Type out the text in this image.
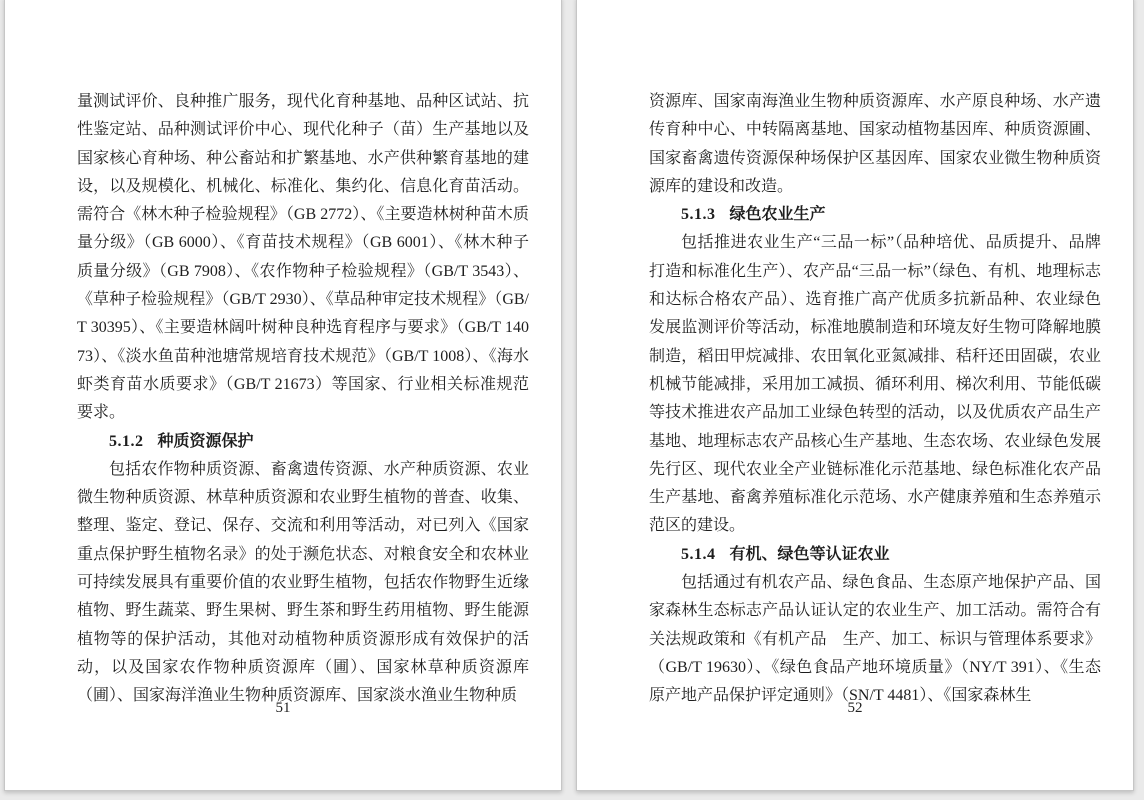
量测试评价、良种推广服务，现代化育种基地、品种区试站、抗性鉴定站、品种测试评价中心、现代化种子（苗）生产基地以及国家核心育种场、种公畜站和扩繁基地、水产供种繁育基地的建设，以及规模化、机械化、标准化、集约化、信息化育苗活动。需符合《林木种子检验规程》（GB 2772）、《主要造林树种苗木质量分级》（GB 6000）、《育苗技术规程》（GB 6001）、《林木种子质量分级》（GB 7908）、《农作物种子检验规程》（GB/T 3543）、《草种子检验规程》（GB/T 2930）、《草品种审定技术规程》（GB/T 30395）、《主要造林阔叶树种良种选育程序与要求》（GB/T 14073）、《淡水鱼苗种池塘常规培育技术规范》（GB/T 1008）、《海水虾类育苗水质要求》（GB/T 21673）等国家、行业相关标准规范要求。

5.1.2 种质资源保护

包括农作物种质资源、畜禽遗传资源、水产种质资源、农业微生物种质资源、林草种质资源和农业野生植物的普查、收集、整理、鉴定、登记、保存、交流和利用等活动，对已列入《国家重点保护野生植物名录》的处于濒危状态、对粮食安全和农林业可持续发展具有重要价值的农业野生植物，包括农作物野生近缘植物、野生蔬菜、野生果树、野生茶和野生药用植物、野生能源植物等的保护活动，其他对动植物种质资源形成有效保护的活动，以及国家农作物种质资源库（圃）、国家林草种质资源库（圃）、国家海洋渔业生物种质资源库、国家淡水渔业生物种质

51

资源库、国家南海渔业生物种质资源库、水产原良种场、水产遗传育种中心、中转隔离基地、国家动植物基因库、种质资源圃、国家畜禽遗传资源保种场保护区基因库、国家农业微生物种质资源库的建设和改造。

5.1.3 绿色农业生产

包括推进农业生产“三品一标”（品种培优、品质提升、品牌打造和标准化生产）、农产品“三品一标”（绿色、有机、地理标志和达标合格农产品）、选育推广高产优质多抗新品种、农业绿色发展监测评价等活动，标准地膜制造和环境友好生物可降解地膜制造，稻田甲烷减排、农田氧化亚氮减排、秸秆还田固碳，农业机械节能减排，采用加工减损、循环利用、梯次利用、节能低碳等技术推进农产品加工业绿色转型的活动，以及优质农产品生产基地、地理标志农产品核心生产基地、生态农场、农业绿色发展先行区、现代农业全产业链标准化示范基地、绿色标准化农产品生产基地、畜禽养殖标准化示范场、水产健康养殖和生态养殖示范区的建设。

5.1.4 有机、绿色等认证农业

包括通过有机农产品、绿色食品、生态原产地保护产品、国家森林生态标志产品认证认定的农业生产、加工活动。需符合有关法规政策和《有机产品　生产、加工、标识与管理体系要求》（GB/T 19630）、《绿色食品产地环境质量》（NY/T 391）、《生态原产地产品保护评定通则》（SN/T 4481）、《国家森林生

52
